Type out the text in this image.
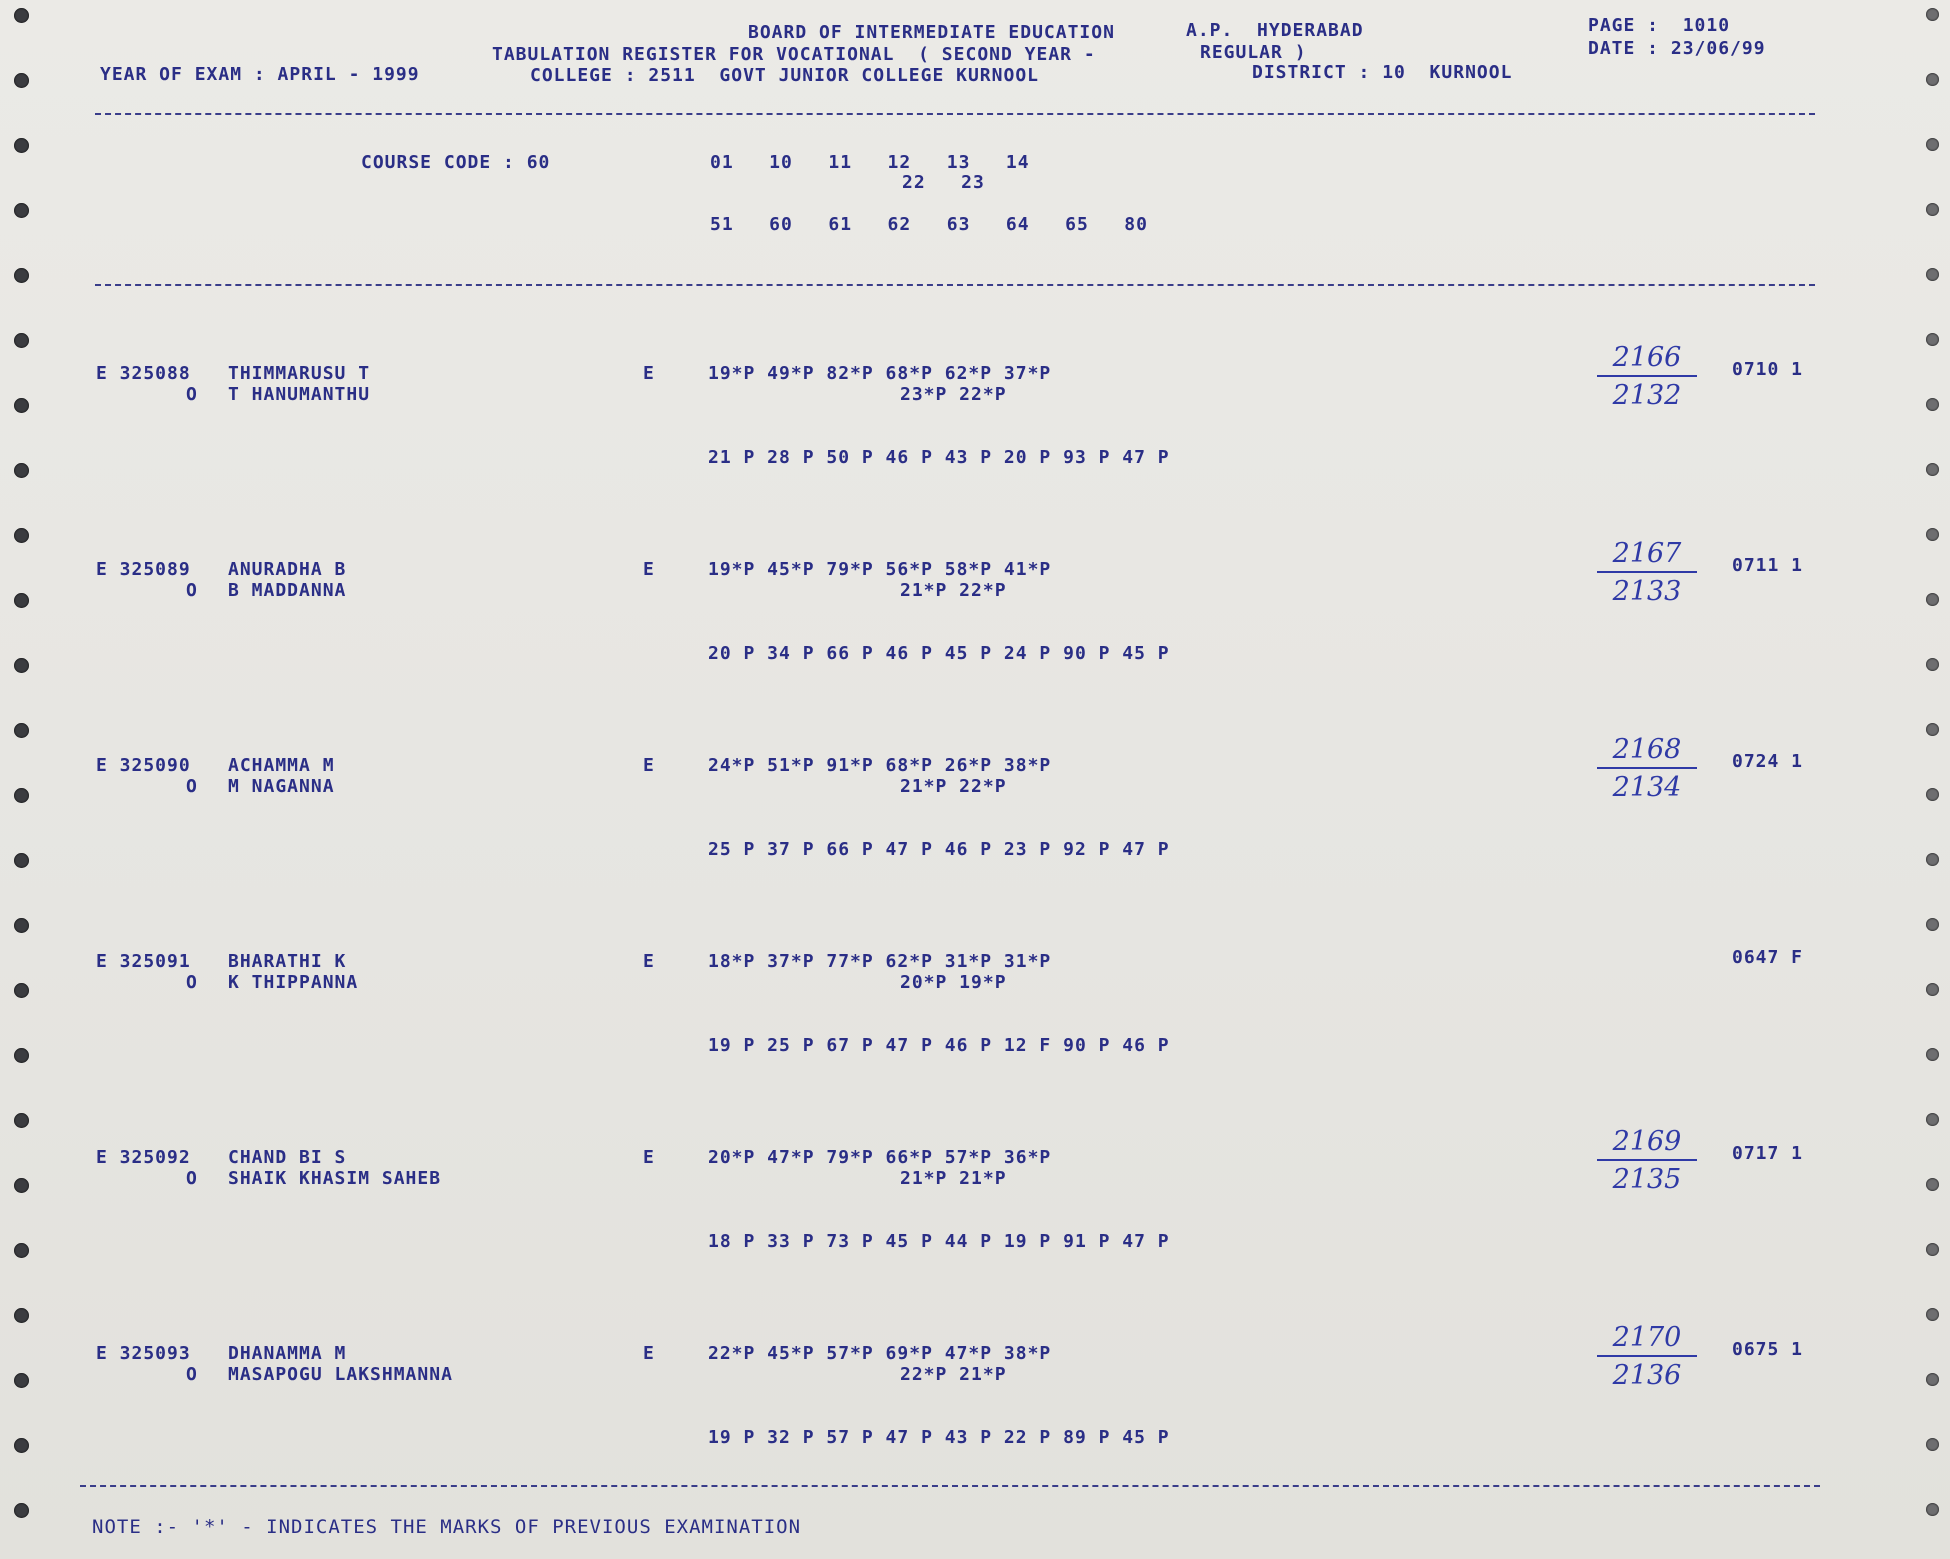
BOARD OF INTERMEDIATE EDUCATION	A.P.  HYDERABAD	PAGE :  1010
TABULATION REGISTER FOR VOCATIONAL  ( SECOND YEAR -	REGULAR )	DATE : 23/06/99
YEAR OF EXAM : APRIL - 1999	COLLEGE : 2511  GOVT JUNIOR COLLEGE KURNOOL	DISTRICT : 10  KURNOOL
COURSE CODE : 60	01   10   11   12   13   14
22   23
51   60   61   62   63   64   65   80
E 325088 THIMMARUSU T
O T HANUMANTHU
E	19*P 49*P 82*P 68*P 62*P 37*P
23*P 22*P
21 P 28 P 50 P 46 P 43 P 20 P 93 P 47 P
0710 1
2166
2132
E 325089 ANURADHA B
O B MADDANNA
E	19*P 45*P 79*P 56*P 58*P 41*P
21*P 22*P
20 P 34 P 66 P 46 P 45 P 24 P 90 P 45 P
0711 1
2167
2133
E 325090 ACHAMMA M
O M NAGANNA
E	24*P 51*P 91*P 68*P 26*P 38*P
21*P 22*P
25 P 37 P 66 P 47 P 46 P 23 P 92 P 47 P
0724 1
2168
2134
E 325091 BHARATHI K
O K THIPPANNA
E	18*P 37*P 77*P 62*P 31*P 31*P
20*P 19*P
19 P 25 P 67 P 47 P 46 P 12 F 90 P 46 P
0647 F
E 325092 CHAND BI S
O SHAIK KHASIM SAHEB
E	20*P 47*P 79*P 66*P 57*P 36*P
21*P 21*P
18 P 33 P 73 P 45 P 44 P 19 P 91 P 47 P
0717 1
2169
2135
E 325093 DHANAMMA M
O MASAPOGU LAKSHMANNA
E	22*P 45*P 57*P 69*P 47*P 38*P
22*P 21*P
19 P 32 P 57 P 47 P 43 P 22 P 89 P 45 P
0675 1
2170
2136
NOTE :- '*' - INDICATES THE MARKS OF PREVIOUS EXAMINATION
